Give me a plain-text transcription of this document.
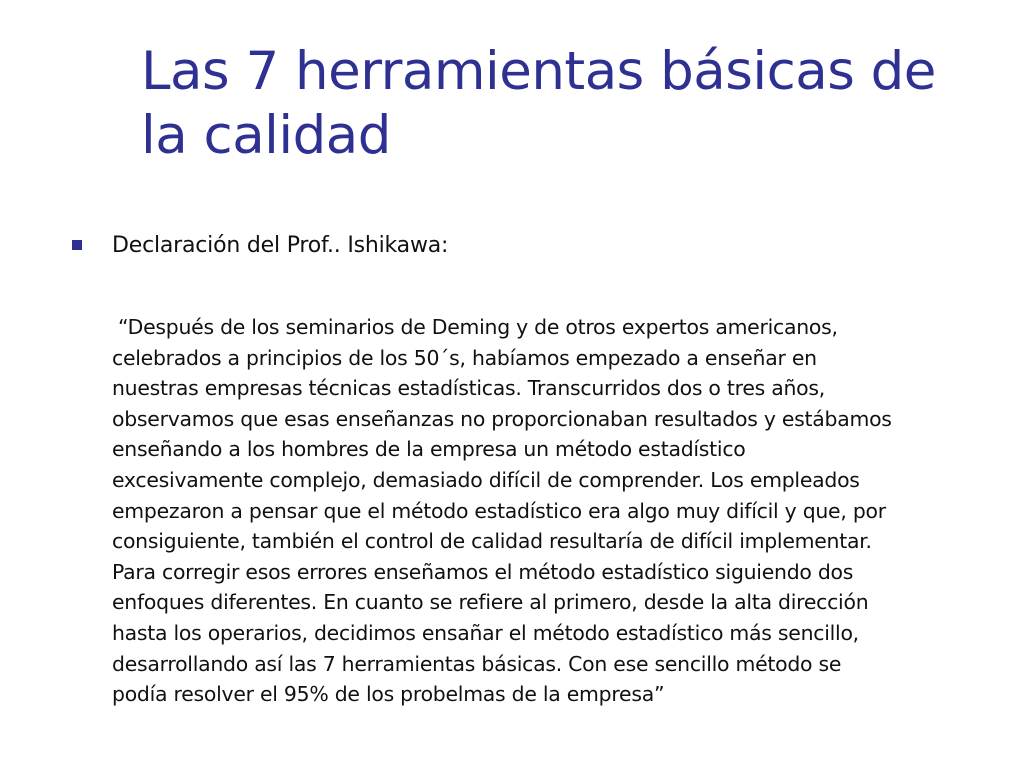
Las 7 herramientas básicas de
la calidad
Declaración del Prof.. Ishikawa:
“Después de los seminarios de Deming y de otros expertos americanos,
celebrados a principios de los 50´s, habíamos empezado a enseñar en
nuestras empresas técnicas estadísticas. Transcurridos dos o tres años,
observamos que esas enseñanzas no proporcionaban resultados y estábamos
enseñando a los hombres de la empresa un método estadístico
excesivamente complejo, demasiado difícil de comprender. Los empleados
empezaron a pensar que el método estadístico era algo muy difícil y que, por
consiguiente, también el control de calidad resultaría de difícil implementar.
Para corregir esos errores enseñamos el método estadístico siguiendo dos
enfoques diferentes. En cuanto se refiere al primero, desde la alta dirección
hasta los operarios, decidimos ensañar el método estadístico más sencillo,
desarrollando así las 7 herramientas básicas. Con ese sencillo método se
podía resolver el 95% de los probelmas de la empresa”
